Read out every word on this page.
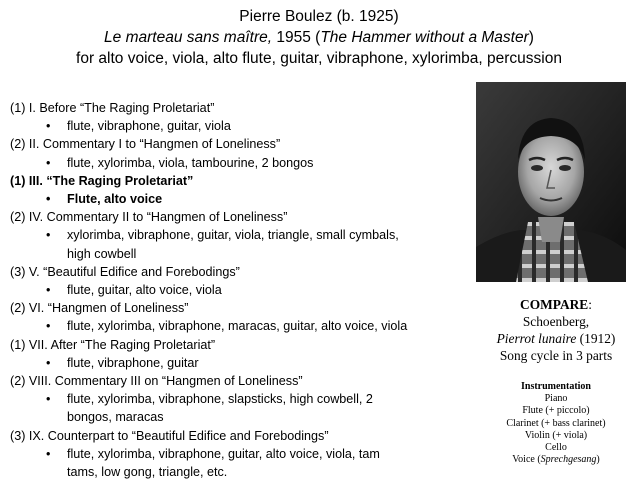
Pierre Boulez (b. 1925)
Le marteau sans maître, 1955 (The Hammer without a Master)
for alto voice, viola, alto flute, guitar, vibraphone, xylorimba, percussion
(1) I. Before “The Raging Proletariat”
• flute, vibraphone, guitar, viola
(2) II. Commentary I to “Hangmen of Loneliness”
• flute, xylorimba, viola, tambourine, 2 bongos
(1) III. “The Raging Proletariat”
• Flute, alto voice
(2) IV. Commentary II to “Hangmen of Loneliness”
• xylorimba, vibraphone, guitar, viola, triangle, small cymbals,
high cowbell
(3) V. “Beautiful Edifice and Forebodings”
• flute, guitar, alto voice, viola
(2) VI. “Hangmen of Loneliness”
• flute, xylorimba, vibraphone, maracas, guitar, alto voice, viola
(1) VII. After “The Raging Proletariat”
• flute, vibraphone, guitar
(2) VIII. Commentary III on “Hangmen of Loneliness”
• flute, xylorimba, vibraphone, slapsticks, high cowbell, 2
bongos, maracas
(3) IX. Counterpart to “Beautiful Edifice and Forebodings”
• flute, xylorimba, vibraphone, guitar, alto voice, viola, tam
tams, low gong, triangle, etc.
COMPARE:
Schoenberg,
Pierrot lunaire (1912)
Song cycle in 3 parts
Instrumentation
Piano
Flute (+ piccolo)
Clarinet (+ bass clarinet)
Violin (+ viola)
Cello
Voice (Sprechgesang)
